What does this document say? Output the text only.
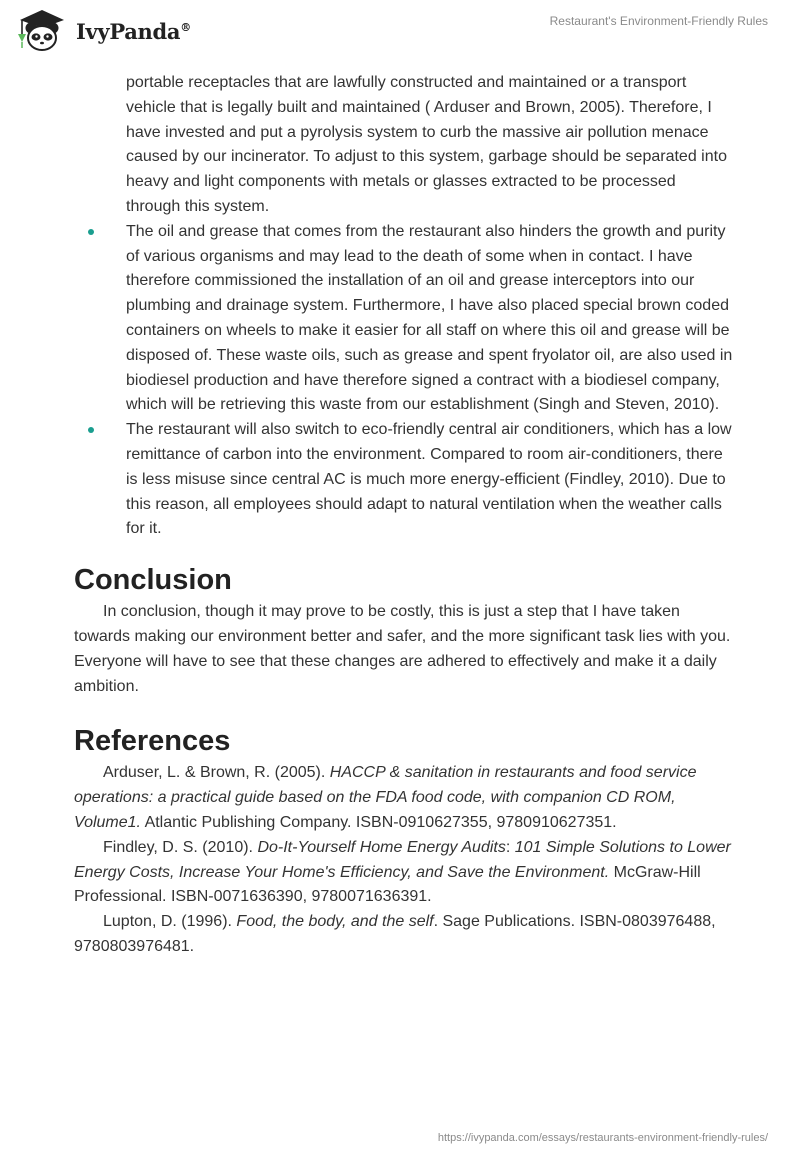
IvyPanda®	Restaurant's Environment-Friendly Rules
portable receptacles that are lawfully constructed and maintained or a transport vehicle that is legally built and maintained ( Arduser and Brown, 2005). Therefore, I have invested and put a pyrolysis system to curb the massive air pollution menace caused by our incinerator. To adjust to this system, garbage should be separated into heavy and light components with metals or glasses extracted to be processed through this system.
The oil and grease that comes from the restaurant also hinders the growth and purity of various organisms and may lead to the death of some when in contact. I have therefore commissioned the installation of an oil and grease interceptors into our plumbing and drainage system. Furthermore, I have also placed special brown coded containers on wheels to make it easier for all staff on where this oil and grease will be disposed of. These waste oils, such as grease and spent fryolator oil, are also used in biodiesel production and have therefore signed a contract with a biodiesel company, which will be retrieving this waste from our establishment (Singh and Steven, 2010).
The restaurant will also switch to eco-friendly central air conditioners, which has a low remittance of carbon into the environment. Compared to room air-conditioners, there is less misuse since central AC is much more energy-efficient (Findley, 2010). Due to this reason, all employees should adapt to natural ventilation when the weather calls for it.
Conclusion

In conclusion, though it may prove to be costly, this is just a step that I have taken towards making our environment better and safer, and the more significant task lies with you. Everyone will have to see that these changes are adhered to effectively and make it a daily ambition.

References

Arduser, L. & Brown, R. (2005). HACCP & sanitation in restaurants and food service operations: a practical guide based on the FDA food code, with companion CD ROM, Volume1. Atlantic Publishing Company. ISBN-0910627355, 9780910627351.

Findley, D. S. (2010). Do-It-Yourself Home Energy Audits: 101 Simple Solutions to Lower Energy Costs, Increase Your Home's Efficiency, and Save the Environment. McGraw-Hill Professional. ISBN-0071636390, 9780071636391.

Lupton, D. (1996). Food, the body, and the self. Sage Publications. ISBN-0803976488, 9780803976481.

https://ivypanda.com/essays/restaurants-environment-friendly-rules/
